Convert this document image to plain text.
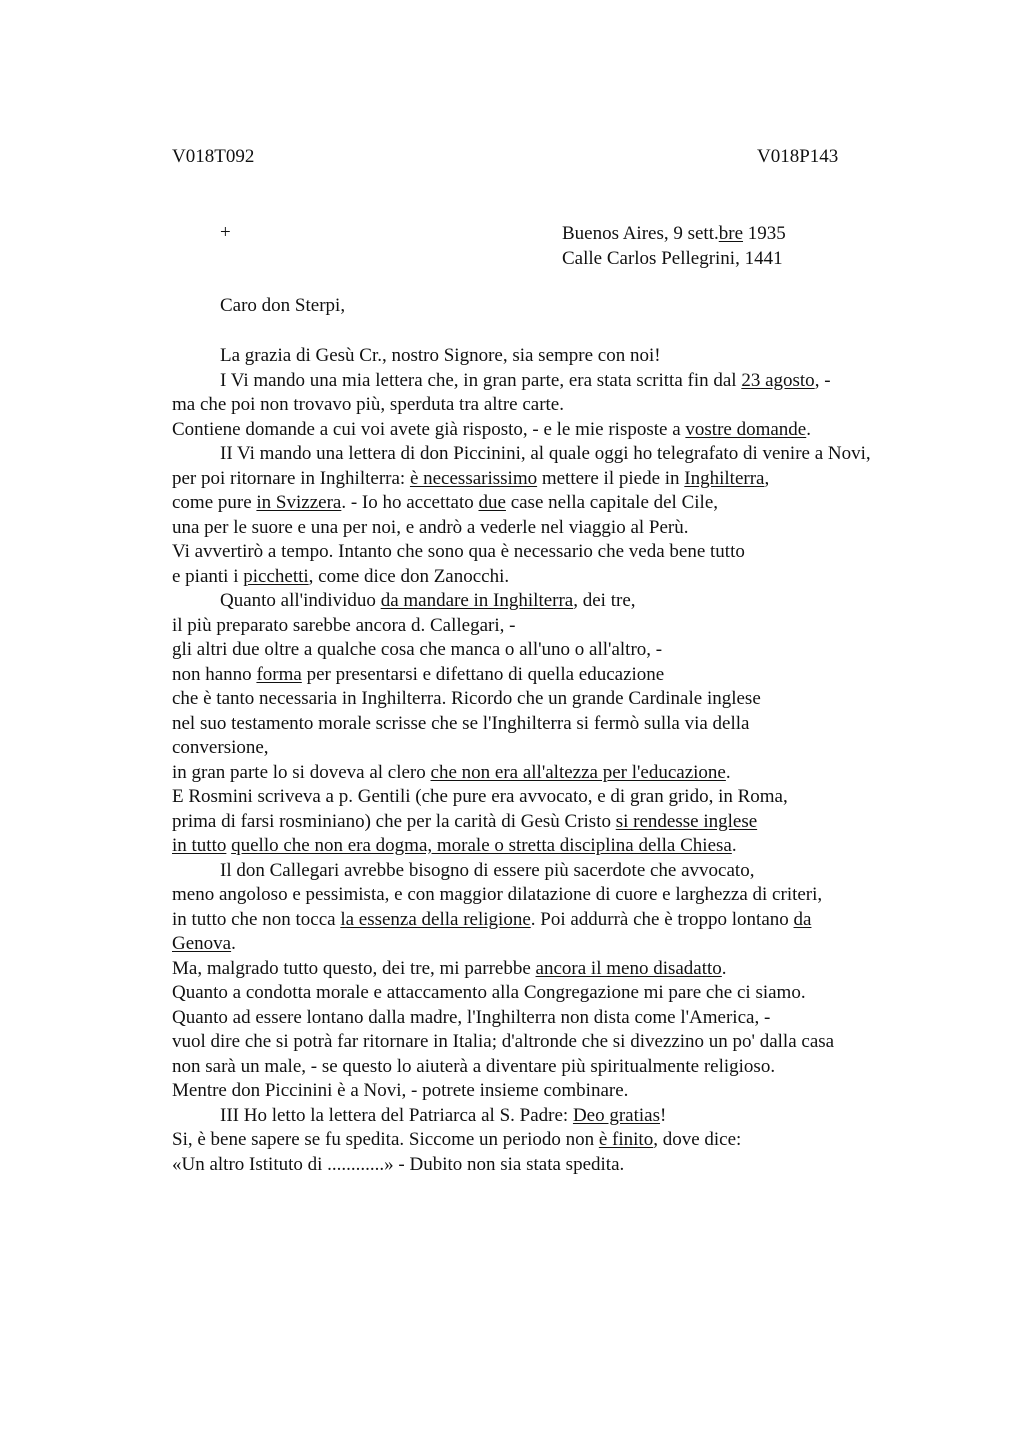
V018T092	V018P143
+	Buenos Aires, 9 sett.bre 1935
Calle Carlos Pellegrini, 1441
Caro don Sterpi,
La grazia di Gesù Cr., nostro Signore, sia sempre con noi!
I Vi mando una mia lettera che, in gran parte, era stata scritta fin dal 23 agosto, -
ma che poi non trovavo più, sperduta tra altre carte.
Contiene domande a cui voi avete già risposto, - e le mie risposte a vostre domande.
II Vi mando una lettera di don Piccinini, al quale oggi ho telegrafato di venire a Novi,
per poi ritornare in Inghilterra: è necessarissimo mettere il piede in Inghilterra,
come pure in Svizzera. - Io ho accettato due case nella capitale del Cile,
una per le suore e una per noi, e andrò a vederle nel viaggio al Perù.
Vi avvertirò a tempo. Intanto che sono qua è necessario che veda bene tutto
e pianti i picchetti, come dice don Zanocchi.
Quanto all'individuo da mandare in Inghilterra, dei tre,
il più preparato sarebbe ancora d. Callegari, -
gli altri due oltre a qualche cosa che manca o all'uno o all'altro, -
non hanno forma per presentarsi e difettano di quella educazione
che è tanto necessaria in Inghilterra. Ricordo che un grande Cardinale inglese
nel suo testamento morale scrisse che se l'Inghilterra si fermò sulla via della
conversione,
in gran parte lo si doveva al clero che non era all'altezza per l'educazione.
E Rosmini scriveva a p. Gentili (che pure era avvocato, e di gran grido, in Roma,
prima di farsi rosminiano) che per la carità di Gesù Cristo si rendesse inglese
in tutto quello che non era dogma, morale o stretta disciplina della Chiesa.
Il don Callegari avrebbe bisogno di essere più sacerdote che avvocato,
meno angoloso e pessimista, e con maggior dilatazione di cuore e larghezza di criteri,
in tutto che non tocca la essenza della religione. Poi addurrà che è troppo lontano da
Genova.
Ma, malgrado tutto questo, dei tre, mi parrebbe ancora il meno disadatto.
Quanto a condotta morale e attaccamento alla Congregazione mi pare che ci siamo.
Quanto ad essere lontano dalla madre, l'Inghilterra non dista come l'America, -
vuol dire che si potrà far ritornare in Italia; d'altronde che si divezzino un po' dalla casa
non sarà un male, - se questo lo aiuterà a diventare più spiritualmente religioso.
Mentre don Piccinini è a Novi, - potrete insieme combinare.
III Ho letto la lettera del Patriarca al S. Padre: Deo gratias!
Si, è bene sapere se fu spedita. Siccome un periodo non è finito, dove dice:
«Un altro Istituto di ............» - Dubito non sia stata spedita.
